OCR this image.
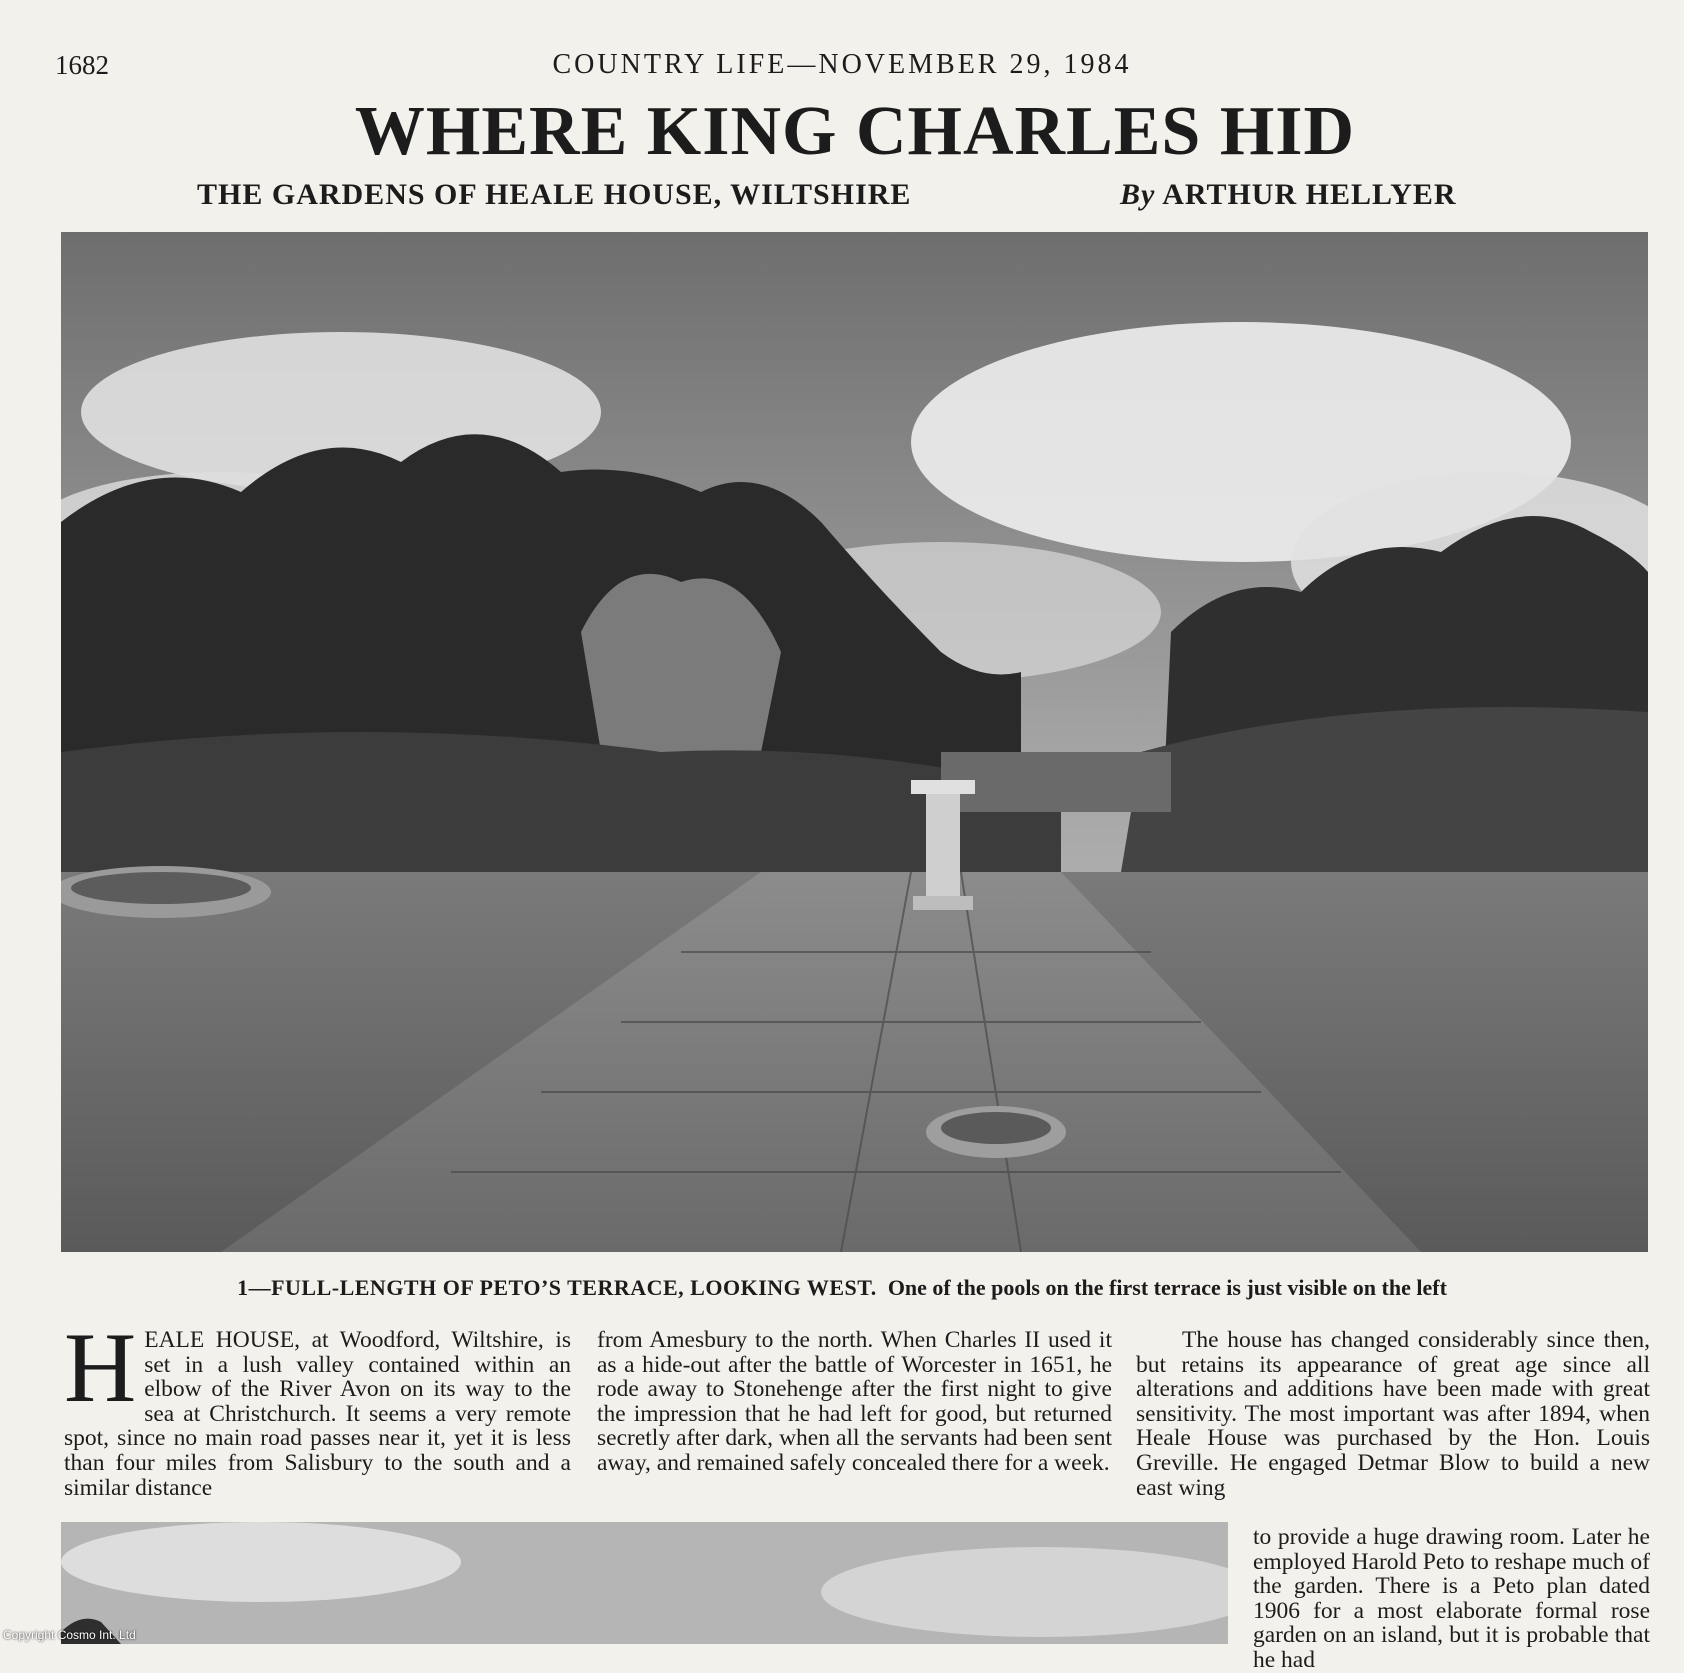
1682	COUNTRY LIFE—NOVEMBER 29, 1984
WHERE KING CHARLES HID
THE GARDENS OF HEALE HOUSE, WILTSHIRE	By ARTHUR HELLYER
1—FULL-LENGTH OF PETO’S TERRACE, LOOKING WEST. One of the pools on the first terrace is just visible on the left
HEALE HOUSE, at Woodford, Wiltshire, is set in a lush valley contained within an elbow of the River Avon on its way to the sea at Christchurch. It seems a very remote spot, since no main road passes near it, yet it is less than four miles from Salisbury to the south and a similar distance

from Amesbury to the north. When Charles II used it as a hide-out after the battle of Worcester in 1651, he rode away to Stonehenge after the first night to give the impression that he had left for good, but returned secretly after dark, when all the servants had been sent away, and remained safely concealed there for a week.

The house has changed considerably since then, but retains its appearance of great age since all alterations and additions have been made with great sensitivity. The most important was after 1894, when Heale House was purchased by the Hon. Louis Greville. He engaged Detmar Blow to build a new east wing

to provide a huge drawing room. Later he employed Harold Peto to reshape much of the garden. There is a Peto plan dated 1906 for a most elaborate formal rose garden on an island, but it is probable that he had

Copyright Cosmo Int. Ltd
